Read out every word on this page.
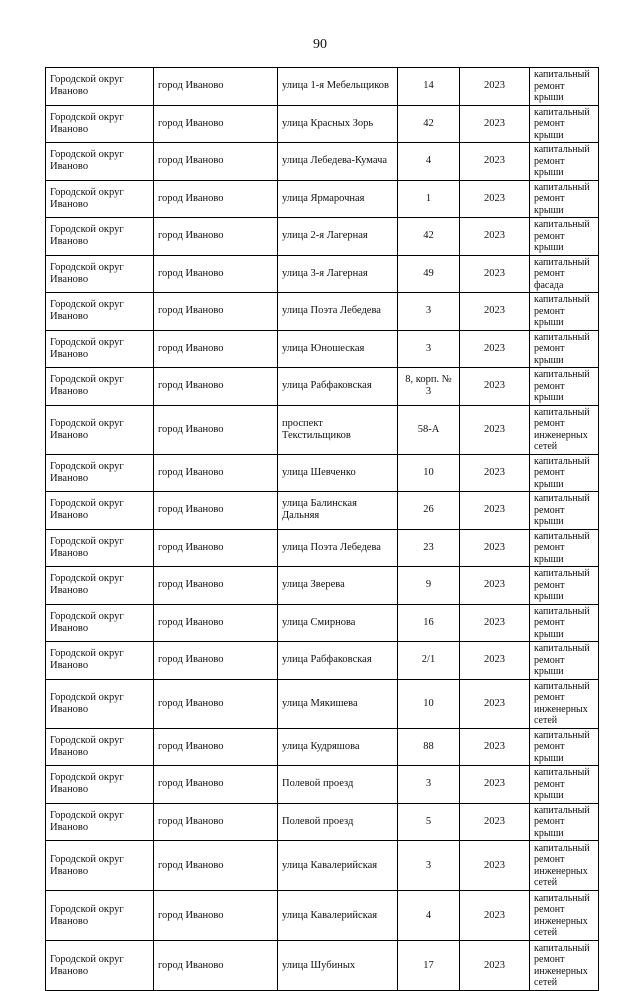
90
Городской округ Иваново	город Иваново	улица 1-я Мебельщиков	14	2023	капитальный ремонт крыши
Городской округ Иваново	город Иваново	улица Красных Зорь	42	2023	капитальный ремонт крыши
Городской округ Иваново	город Иваново	улица Лебедева-Кумача	4	2023	капитальный ремонт крыши
Городской округ Иваново	город Иваново	улица Ярмарочная	1	2023	капитальный ремонт крыши
Городской округ Иваново	город Иваново	улица 2-я Лагерная	42	2023	капитальный ремонт крыши
Городской округ Иваново	город Иваново	улица 3-я Лагерная	49	2023	капитальный ремонт фасада
Городской округ Иваново	город Иваново	улица Поэта Лебедева	3	2023	капитальный ремонт крыши
Городской округ Иваново	город Иваново	улица Юношеская	3	2023	капитальный ремонт крыши
Городской округ Иваново	город Иваново	улица Рабфаковская	8, корп. № 3	2023	капитальный ремонт крыши
Городской округ Иваново	город Иваново	проспект Текстильщиков	58-А	2023	капитальный ремонт инженерных сетей
Городской округ Иваново	город Иваново	улица Шевченко	10	2023	капитальный ремонт крыши
Городской округ Иваново	город Иваново	улица Балинская Дальняя	26	2023	капитальный ремонт крыши
Городской округ Иваново	город Иваново	улица Поэта Лебедева	23	2023	капитальный ремонт крыши
Городской округ Иваново	город Иваново	улица Зверева	9	2023	капитальный ремонт крыши
Городской округ Иваново	город Иваново	улица Смирнова	16	2023	капитальный ремонт крыши
Городской округ Иваново	город Иваново	улица Рабфаковская	2/1	2023	капитальный ремонт крыши
Городской округ Иваново	город Иваново	улица Мякишева	10	2023	капитальный ремонт инженерных сетей
Городской округ Иваново	город Иваново	улица Кудряшова	88	2023	капитальный ремонт крыши
Городской округ Иваново	город Иваново	Полевой проезд	3	2023	капитальный ремонт крыши
Городской округ Иваново	город Иваново	Полевой проезд	5	2023	капитальный ремонт крыши
Городской округ Иваново	город Иваново	улица Кавалерийская	3	2023	капитальный ремонт инженерных сетей
Городской округ Иваново	город Иваново	улица Кавалерийская	4	2023	капитальный ремонт инженерных сетей
Городской округ Иваново	город Иваново	улица Шубиных	17	2023	капитальный ремонт инженерных сетей
